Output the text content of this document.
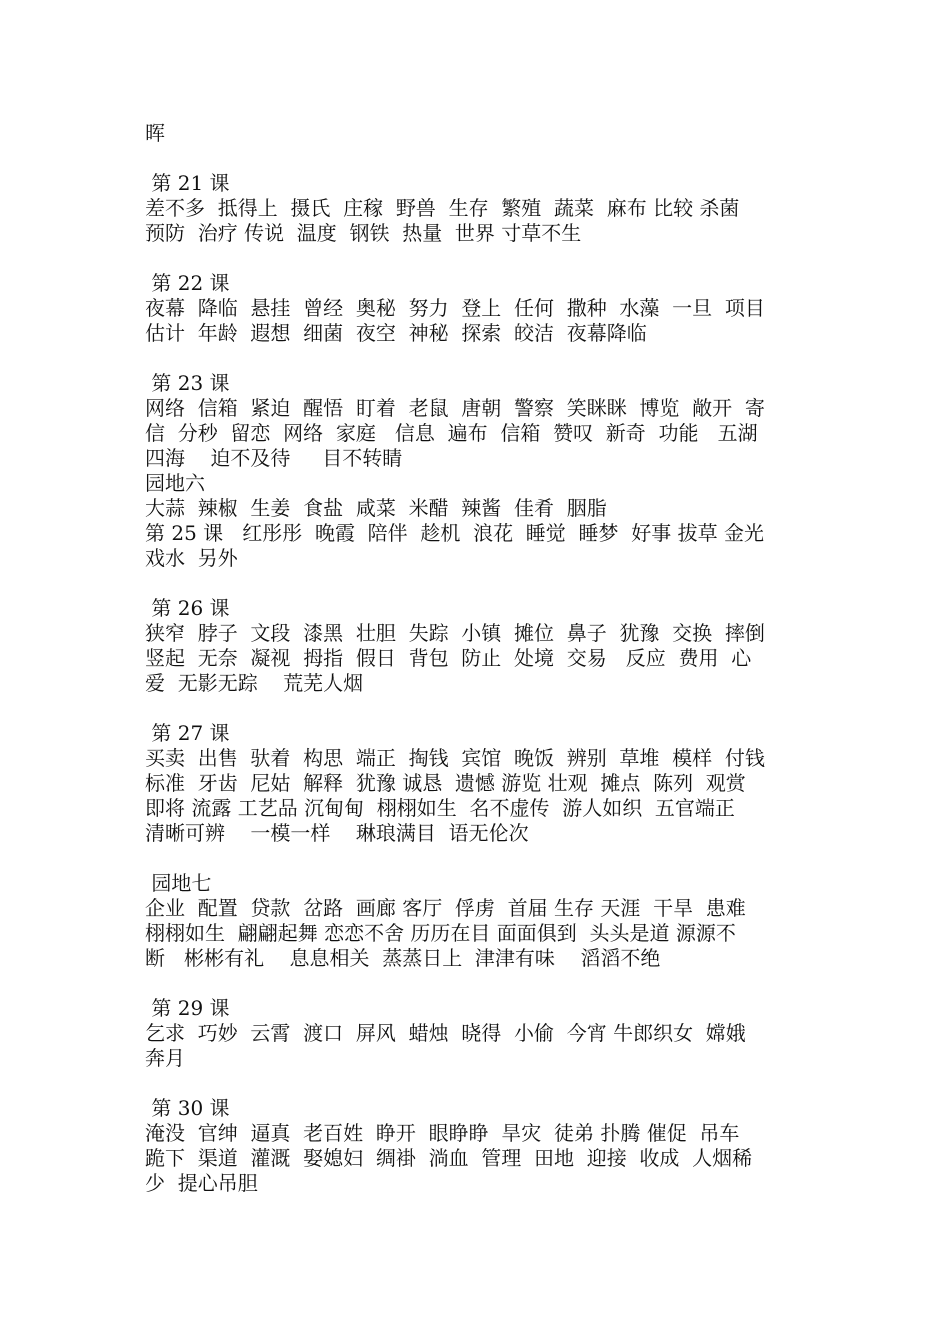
晖
第 21 课
差不多  抵得上  摄氏  庄稼  野兽  生存  繁殖  蔬菜  麻布 比较 杀菌
预防  治疗 传说  温度  钢铁  热量  世界 寸草不生
第 22 课
夜幕  降临  悬挂  曾经  奥秘  努力  登上  任何  撒种  水藻  一旦  项目
估计  年龄  遐想  细菌  夜空  神秘  探索  皎洁  夜幕降临
第 23 课
网络  信箱  紧迫  醒悟  盯着  老鼠  唐朝  警察  笑眯眯  博览  敞开  寄
信  分秒  留恋  网络  家庭   信息  遍布  信箱  赞叹  新奇  功能   五湖
四海    迫不及待     目不转睛
园地六
大蒜  辣椒  生姜  食盐  咸菜  米醋  辣酱  佳肴  胭脂
第 25 课   红彤彤  晚霞  陪伴  趁机  浪花  睡觉  睡梦  好事 拔草 金光
戏水  另外
第 26 课
狭窄  脖子  文段  漆黑  壮胆  失踪  小镇  摊位  鼻子  犹豫  交换  摔倒
竖起  无奈  凝视  拇指  假日  背包  防止  处境  交易   反应  费用  心
爱  无影无踪    荒芜人烟
第 27 课
买卖  出售  驮着  构思  端正  掏钱  宾馆  晚饭  辨别  草堆  模样  付钱
标准  牙齿  尼姑  解释  犹豫 诚恳  遗憾 游览 壮观  摊点  陈列  观赏
即将 流露 工艺品 沉甸甸  栩栩如生  名不虚传  游人如织  五官端正
清晰可辨    一模一样    琳琅满目  语无伦次
园地七
企业  配置  贷款  岔路  画廊 客厅  俘虏  首届 生存 天涯  干旱  患难
栩栩如生  翩翩起舞 恋恋不舍 历历在目 面面俱到  头头是道 源源不
断   彬彬有礼    息息相关  蒸蒸日上  津津有味    滔滔不绝
第 29 课
乞求  巧妙  云霄  渡口  屏风  蜡烛  晓得  小偷  今宵 牛郎织女  嫦娥
奔月
第 30 课
淹没  官绅  逼真  老百姓  睁开  眼睁睁  旱灾  徒弟 扑腾 催促  吊车
跪下  渠道  灌溉  娶媳妇  绸褂  淌血  管理  田地  迎接  收成  人烟稀
少  提心吊胆
